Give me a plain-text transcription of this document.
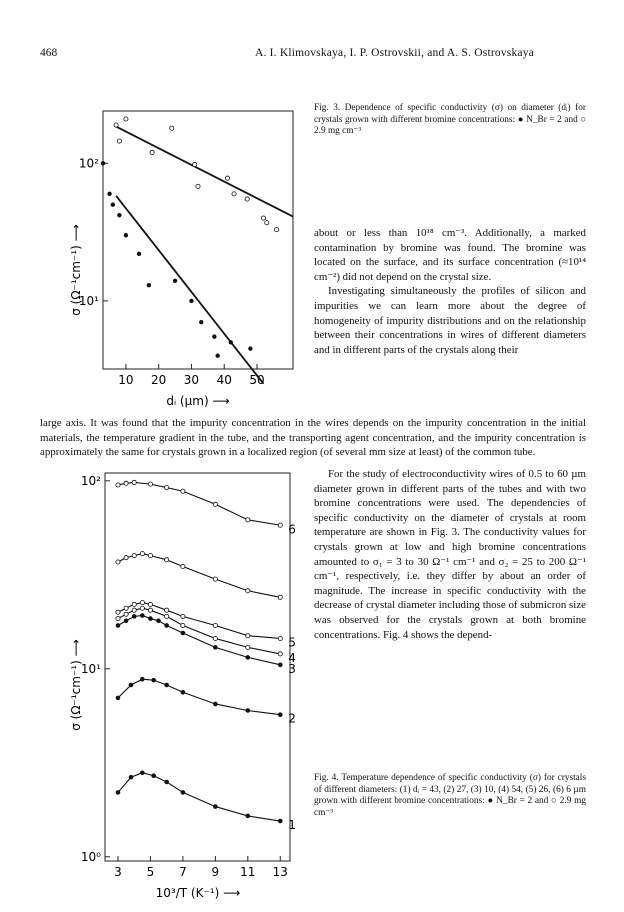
468	A. I. Klimovskaya, I. P. Ostrovskii, and A. S. Ostrovskaya
10 20 30 40 50
10¹
10²
σ (Ω⁻¹cm⁻¹) ⟶
dᵢ (µm) ⟶
Fig. 3. Dependence of specific conductivity (σ) on diameter (dᵢ) for crystals grown with different bromine concentrations: ● N_Br = 2 and ○ 2.9 mg cm⁻³

about or less than 10¹⁸ cm⁻³. Additionally, a marked contamination by bromine was found. The bromine was located on the surface, and its surface concentration (≈10¹⁴ cm⁻²) did not depend on the crystal size.

Investigating simultaneously the profiles of silicon and impurities we can learn more about the degree of homogeneity of impurity distributions and on the relationship between their concentrations in wires of different diameters and in different parts of the crystals along their

large axis. It was found that the impurity concentration in the wires depends on the impurity concentration in the initial materials, the temperature gradient in the tube, and the transporting agent concentration, and the impurity concentration is approximately the same for crystals grown in a localized region (of several mm size at least) of the common tube.

3 5 7 9 11 13
10⁰
10¹
10²
1
2
3
4
5
6
σ (Ω⁻¹cm⁻¹) ⟶
10³/T (K⁻¹) ⟶

For the study of electroconductivity wires of 0.5 to 60 µm diameter grown in different parts of the tubes and with two bromine concentrations were used. The dependencies of specific conductivity on the diameter of crystals at room temperature are shown in Fig. 3. The conductivity values for crystals grown at low and high bromine concentrations amounted to σ₁ = 3 to 30 Ω⁻¹ cm⁻¹ and σ₂ = 25 to 200 Ω⁻¹ cm⁻¹, respectively, i.e. they differ by about an order of magnitude. The increase in specific conductivity with the decrease of crystal diameter including those of submicron size was observed for the crystals grown at both bromine concentrations. Fig. 4 shows the depend-

Fig. 4. Temperature dependence of specific conductivity (σ) for crystals of different diameters: (1) dᵢ = 43, (2) 27, (3) 10, (4) 54, (5) 26, (6) 6 µm grown with different bromine concentrations: ● N_Br = 2 and ○ 2.9 mg cm⁻³
